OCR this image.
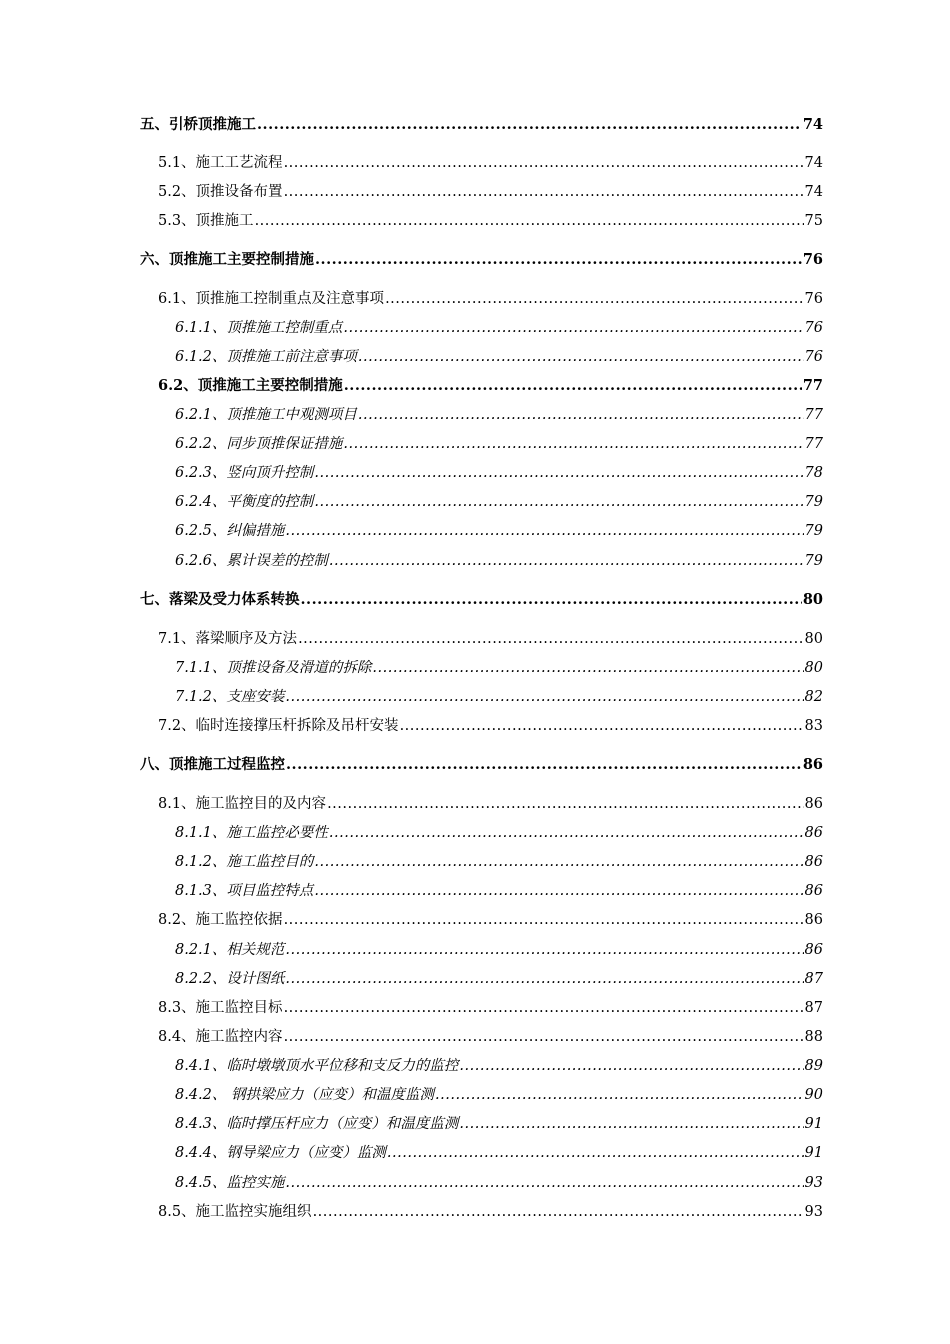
五、引桥顶推施工 .....	74
5.1、施工工艺流程 .....	74
5.2、顶推设备布置 .....	74
5.3、顶推施工 .....	75
六、顶推施工主要控制措施 .....	76
6.1、顶推施工控制重点及注意事项 .....	76
6.1.1、顶推施工控制重点 .....	76
6.1.2、顶推施工前注意事项 .....	76
6.2、顶推施工主要控制措施 .....	77
6.2.1、顶推施工中观测项目 .....	77
6.2.2、同步顶推保证措施 .....	77
6.2.3、竖向顶升控制 .....	78
6.2.4、平衡度的控制 .....	79
6.2.5、纠偏措施 .....	79
6.2.6、累计误差的控制 .....	79
七、落梁及受力体系转换 .....	80
7.1、落梁顺序及方法 .....	80
7.1.1、顶推设备及滑道的拆除 .....	80
7.1.2、支座安装 .....	82
7.2、临时连接撑压杆拆除及吊杆安装 .....	83
八、顶推施工过程监控 .....	86
8.1、施工监控目的及内容 .....	86
8.1.1、施工监控必要性 .....	86
8.1.2、施工监控目的 .....	86
8.1.3、项目监控特点 .....	86
8.2、施工监控依据 .....	86
8.2.1、相关规范 .....	86
8.2.2、设计图纸 .....	87
8.3、施工监控目标 .....	87
8.4、施工监控内容 .....	88
8.4.1、临时墩墩顶水平位移和支反力的监控 .....	89
8.4.2、 钢拱梁应力（应变）和温度监测 .....	90
8.4.3、临时撑压杆应力（应变）和温度监测 .....	91
8.4.4、钢导梁应力（应变）监测 .....	91
8.4.5、监控实施 .....	93
8.5、施工监控实施组织 .....	93
